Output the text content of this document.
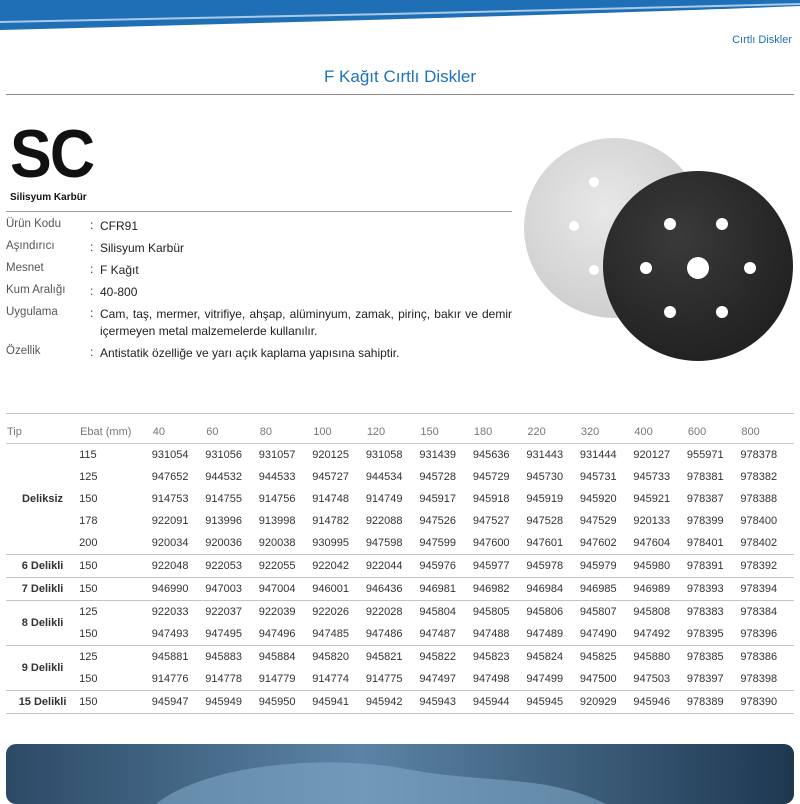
Cırtlı Diskler
F Kağıt Cırtlı Diskler
SC
Silisyum Karbür
Ürün Kodu : CFR91
Aşındırıcı	: Silisyum Karbür
Mesnet	: F Kağıt
Kum Aralığı : 40-800
Uygulama	: Cam, taş, mermer, vitrifiye, ahşap, alüminyum, zamak, pirinç, bakır ve demir içermeyen metal malzemelerde kullanılır.
Özellik	: Antistatik özelliğe ve yarı açık kaplama yapısına sahiptir.
Tip	Ebat (mm)	40	60	80	100	120	150	180	220	320	400	600	800
Deliksiz	115	931054	931056	931057	920125	931058	931439	945636	931443	931444	920127	955971	978378
	125	947652	944532	944533	945727	944534	945728	945729	945730	945731	945733	978381	978382
	150	914753	914755	914756	914748	914749	945917	945918	945919	945920	945921	978387	978388
	178	922091	913996	913998	914782	922088	947526	947527	947528	947529	920133	978399	978400
	200	920034	920036	920038	930995	947598	947599	947600	947601	947602	947604	978401	978402
6 Delikli	150	922048	922053	922055	922042	922044	945976	945977	945978	945979	945980	978391	978392
7 Delikli	150	946990	947003	947004	946001	946436	946981	946982	946984	946985	946989	978393	978394
8 Delikli	125	922033	922037	922039	922026	922028	945804	945805	945806	945807	945808	978383	978384
	150	947493	947495	947496	947485	947486	947487	947488	947489	947490	947492	978395	978396
9 Delikli	125	945881	945883	945884	945820	945821	945822	945823	945824	945825	945880	978385	978386
	150	914776	914778	914779	914774	914775	947497	947498	947499	947500	947503	978397	978398
15 Delikli	150	945947	945949	945950	945941	945942	945943	945944	945945	920929	945946	978389	978390
